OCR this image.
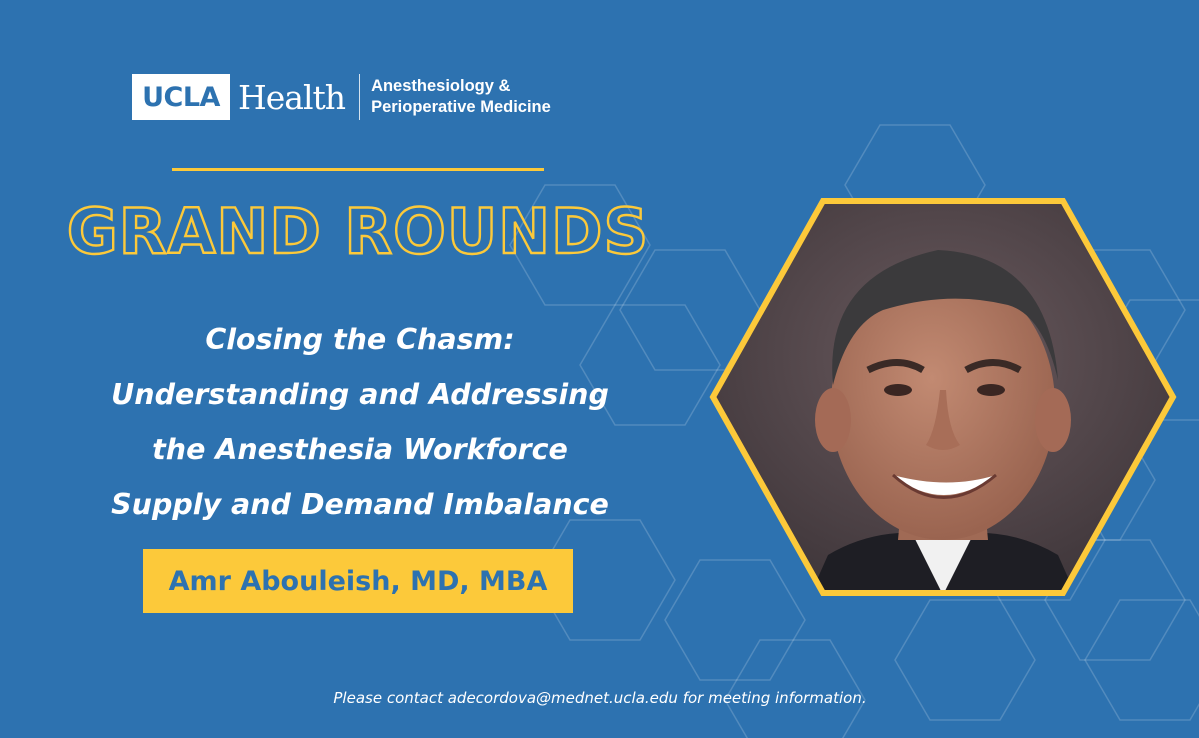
UCLA Health Anesthesiology &
Perioperative Medicine
GRAND ROUNDS
Closing the Chasm:
Understanding and Addressing
the Anesthesia Workforce
Supply and Demand Imbalance
Amr Abouleish, MD, MBA
Please contact adecordova@mednet.ucla.edu for meeting information.
